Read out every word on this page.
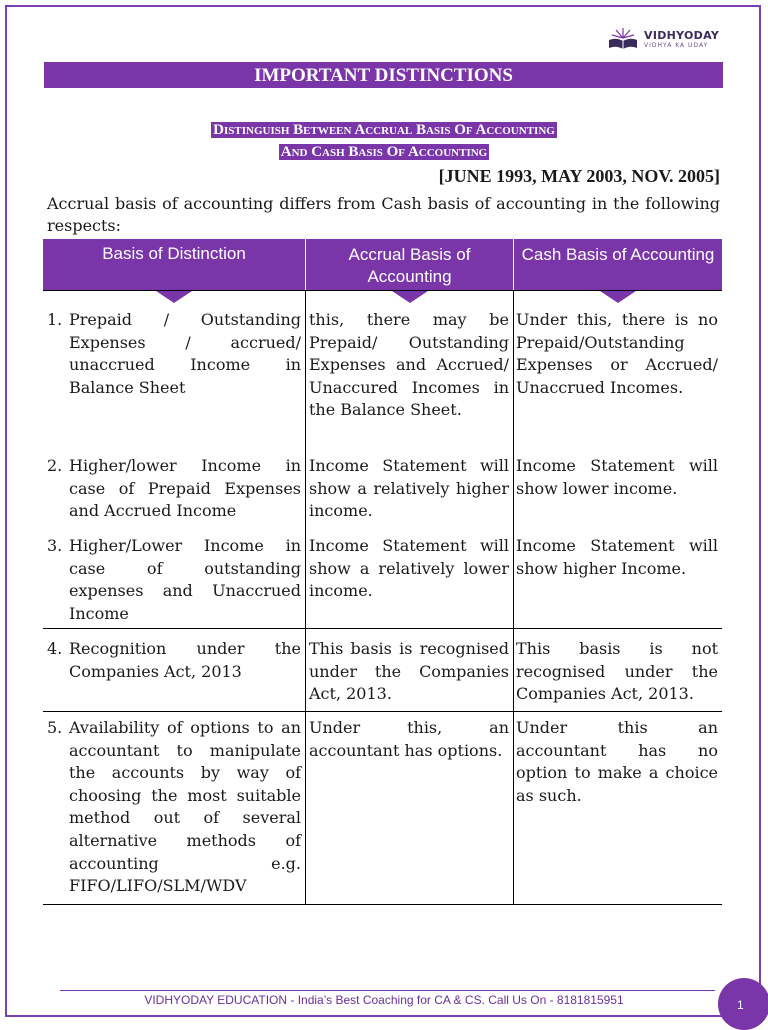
VIDHYODAY
VIDHYA KA UDAY
IMPORTANT DISTINCTIONS
Distinguish Between Accrual Basis Of Accounting
And Cash Basis Of Accounting
[JUNE 1993, MAY 2003, NOV. 2005]
Accrual basis of accounting differs from Cash basis of accounting in the following respects:
Basis of Distinction	Accrual Basis of Accounting
Cash Basis of Accounting
1. Prepaid / Outstanding Expenses / accrued/ unaccrued Income in Balance Sheet
this, there may be Prepaid/ Outstanding Expenses and Accrued/ Unaccured Incomes in the Balance Sheet.
Under this, there is no Prepaid/Outstanding Expenses or Accrued/ Unaccrued Incomes.
2. Higher/lower Income in case of Prepaid Expenses and Accrued Income
Income Statement will show a relatively higher income.
Income Statement will show lower income.
3. Higher/Lower Income in case of outstanding expenses and Unaccrued Income
Income Statement will show a relatively lower income.
Income Statement will show higher Income.
4. Recognition under the Companies Act, 2013
This basis is recognised under the Companies Act, 2013.
This basis is not recognised under the Companies Act, 2013.
5. Availability of options to an accountant to manipulate the accounts by way of choosing the most suitable method out of several alternative methods of accounting e.g. FIFO/LIFO/SLM/WDV
Under this, an accountant has options.
Under this an accountant has no option to make a choice as such.
VIDHYODAY EDUCATION - India’s Best Coaching for CA & CS. Call Us On - 8181815951	1
